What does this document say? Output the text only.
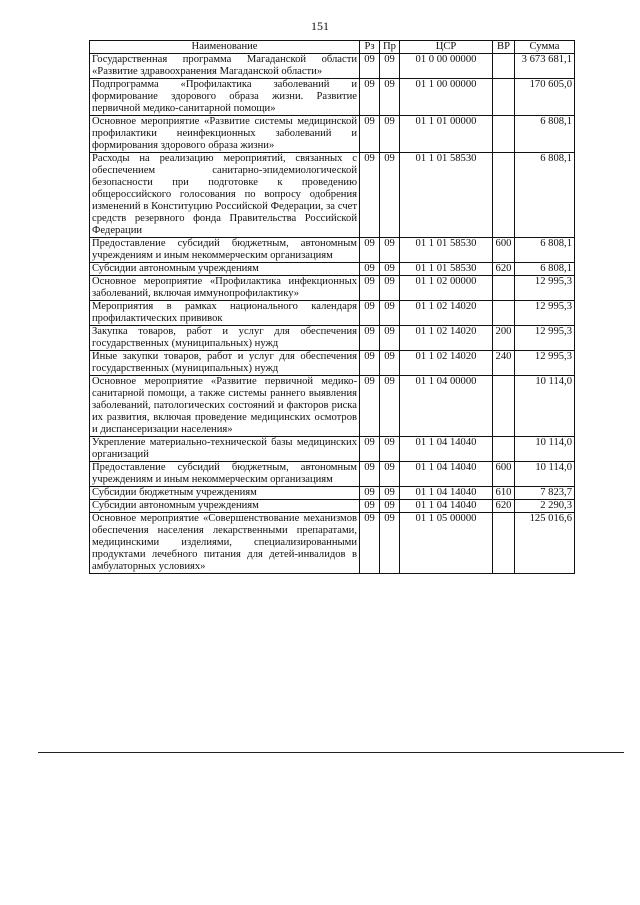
151
Наименование	Рз	Пр	ЦСР	ВР	Сумма
Государственная программа Магаданской области «Развитие здравоохранения Магаданской области»	09	09	01 0 00 00000		3 673 681,1
Подпрограмма «Профилактика заболеваний и формирование здорового образа жизни. Развитие первичной медико-санитарной помощи»	09	09	01 1 00 00000		170 605,0
Основное мероприятие «Развитие системы медицинской профилактики неинфекционных заболеваний и формирования здорового образа жизни»	09	09	01 1 01 00000		6 808,1
Расходы на реализацию мероприятий, связанных с обеспечением санитарно-эпидемиологической безопасности при подготовке к проведению общероссийского голосования по вопросу одобрения изменений в Конституцию Российской Федерации, за счет средств резервного фонда Правительства Российской Федерации	09	09	01 1 01 58530		6 808,1
Предоставление субсидий бюджетным, автономным учреждениям и иным некоммерческим организациям	09	09	01 1 01 58530	600	6 808,1
Субсидии автономным учреждениям	09	09	01 1 01 58530	620	6 808,1
Основное мероприятие «Профилактика инфекционных заболеваний, включая иммунопрофилактику»	09	09	01 1 02 00000		12 995,3
Мероприятия в рамках национального календаря профилактических прививок	09	09	01 1 02 14020		12 995,3
Закупка товаров, работ и услуг для обеспечения государственных (муниципальных) нужд	09	09	01 1 02 14020	200	12 995,3
Иные закупки товаров, работ и услуг для обеспечения государственных (муниципальных) нужд	09	09	01 1 02 14020	240	12 995,3
Основное мероприятие «Развитие первичной медико-санитарной помощи, а также системы раннего выявления заболеваний, патологических состояний и факторов риска их развития, включая проведение медицинских осмотров и диспансеризации населения»	09	09	01 1 04 00000		10 114,0
Укрепление материально-технической базы медицинских организаций	09	09	01 1 04 14040		10 114,0
Предоставление субсидий бюджетным, автономным учреждениям и иным некоммерческим организациям	09	09	01 1 04 14040	600	10 114,0
Субсидии бюджетным учреждениям	09	09	01 1 04 14040	610	7 823,7
Субсидии автономным учреждениям	09	09	01 1 04 14040	620	2 290,3
Основное мероприятие «Совершенствование механизмов обеспечения населения лекарственными препаратами, медицинскими изделиями, специализированными продуктами лечебного питания для детей-инвалидов в амбулаторных условиях»	09	09	01 1 05 00000		125 016,6
